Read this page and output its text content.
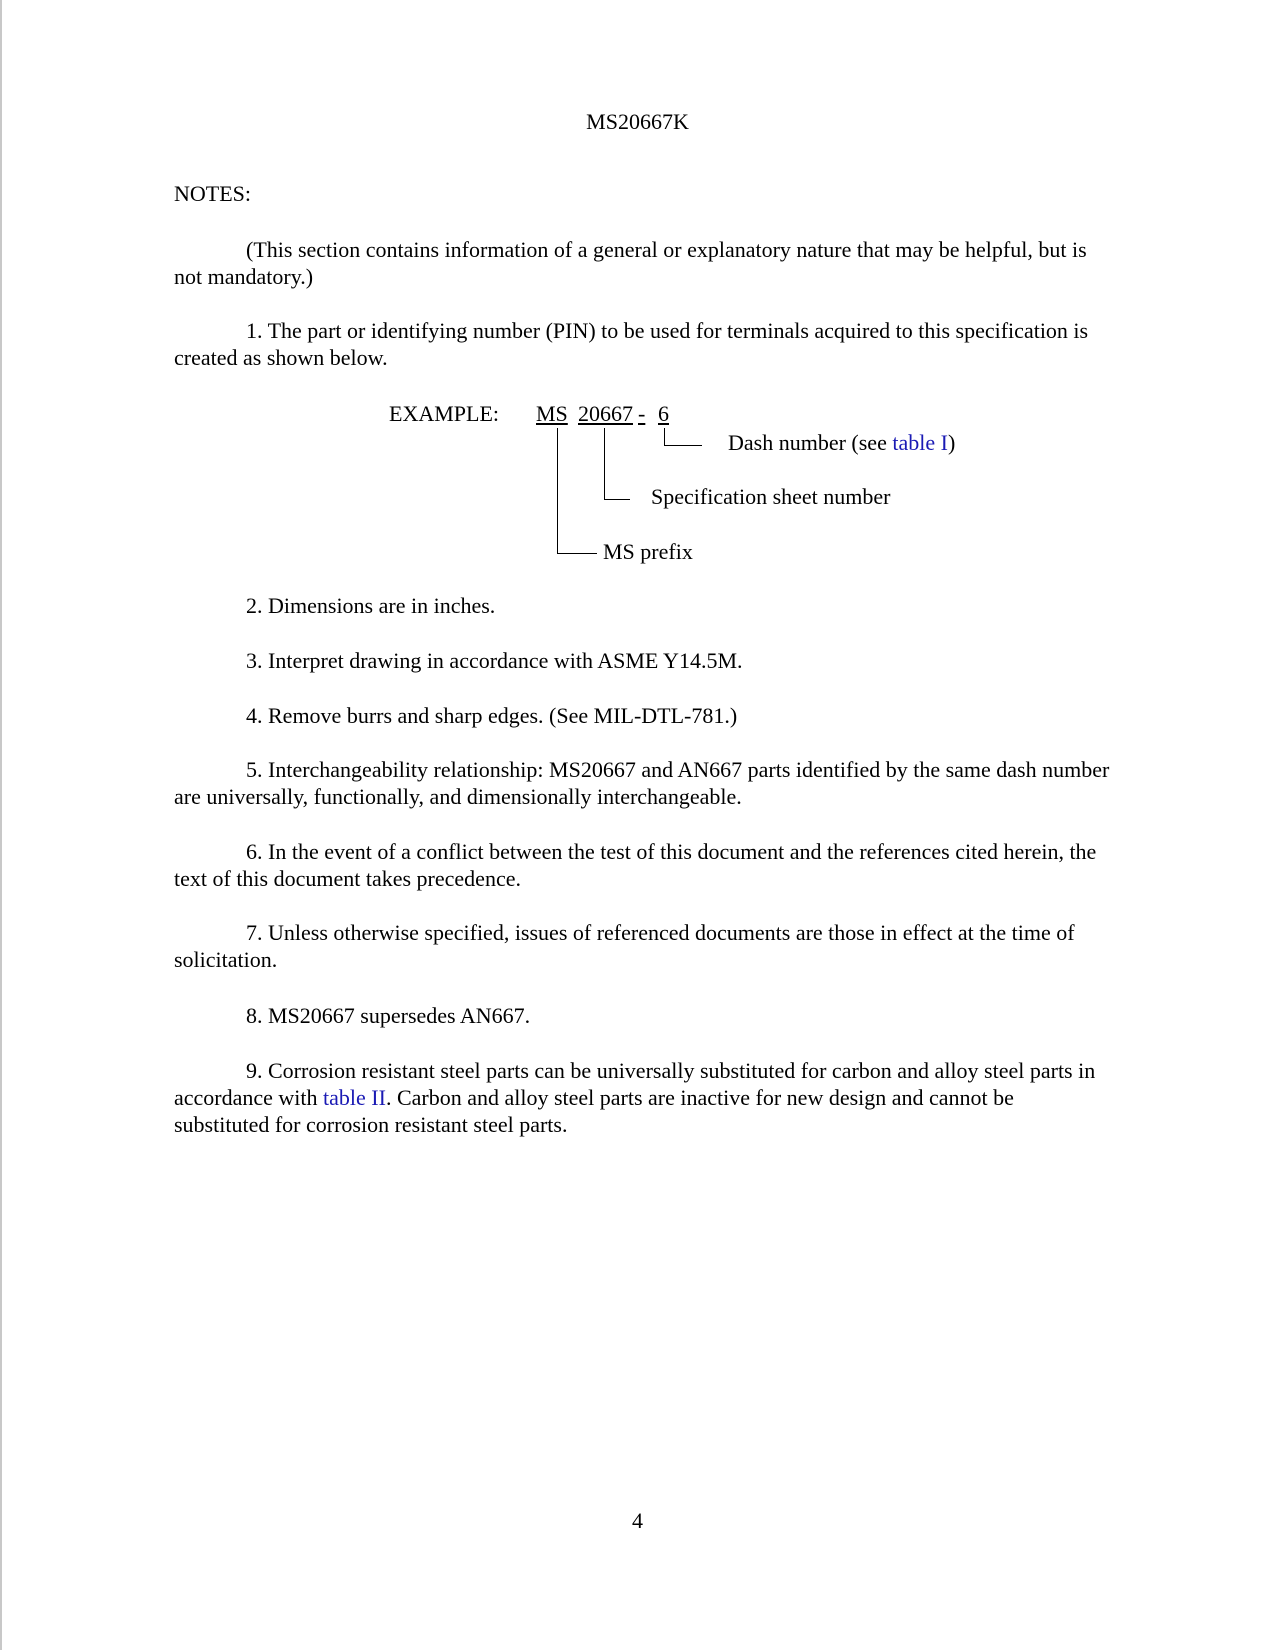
MS20667K
NOTES:
(This section contains information of a general or explanatory nature that may be helpful, but is not mandatory.)
1. The part or identifying number (PIN) to be used for terminals acquired to this specification is created as shown below.
EXAMPLE: MS 20667 - 6
Dash number (see table I)
Specification sheet number
MS prefix
2. Dimensions are in inches.
3. Interpret drawing in accordance with ASME Y14.5M.
4. Remove burrs and sharp edges. (See MIL-DTL-781.)
5. Interchangeability relationship: MS20667 and AN667 parts identified by the same dash number are universally, functionally, and dimensionally interchangeable.
6. In the event of a conflict between the test of this document and the references cited herein, the text of this document takes precedence.
7. Unless otherwise specified, issues of referenced documents are those in effect at the time of solicitation.
8. MS20667 supersedes AN667.
9. Corrosion resistant steel parts can be universally substituted for carbon and alloy steel parts in accordance with table II. Carbon and alloy steel parts are inactive for new design and cannot be substituted for corrosion resistant steel parts.
4
